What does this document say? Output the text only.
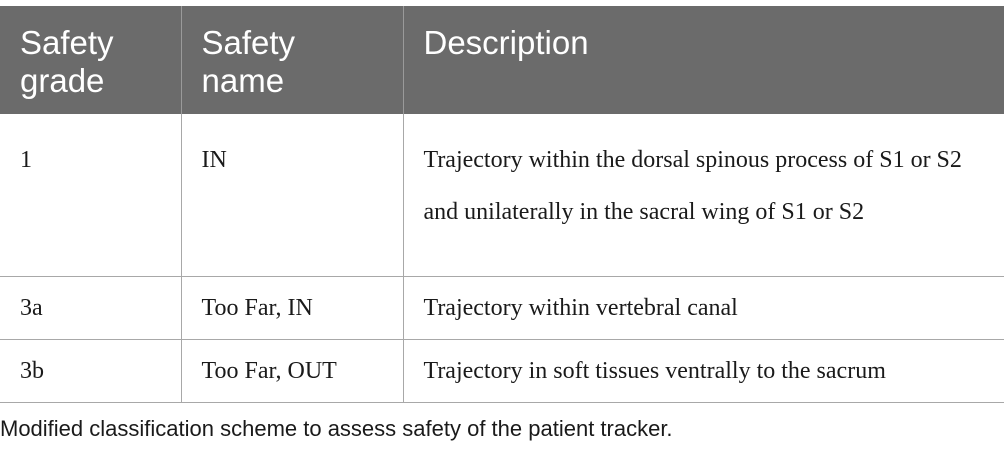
Safety grade	Safety name	Description
1	IN	Trajectory within the dorsal spinous process of S1 or S2 and unilaterally in the sacral wing of S1 or S2
3a	Too Far, IN	Trajectory within vertebral canal
3b	Too Far, OUT	Trajectory in soft tissues ventrally to the sacrum
Modified classification scheme to assess safety of the patient tracker.
